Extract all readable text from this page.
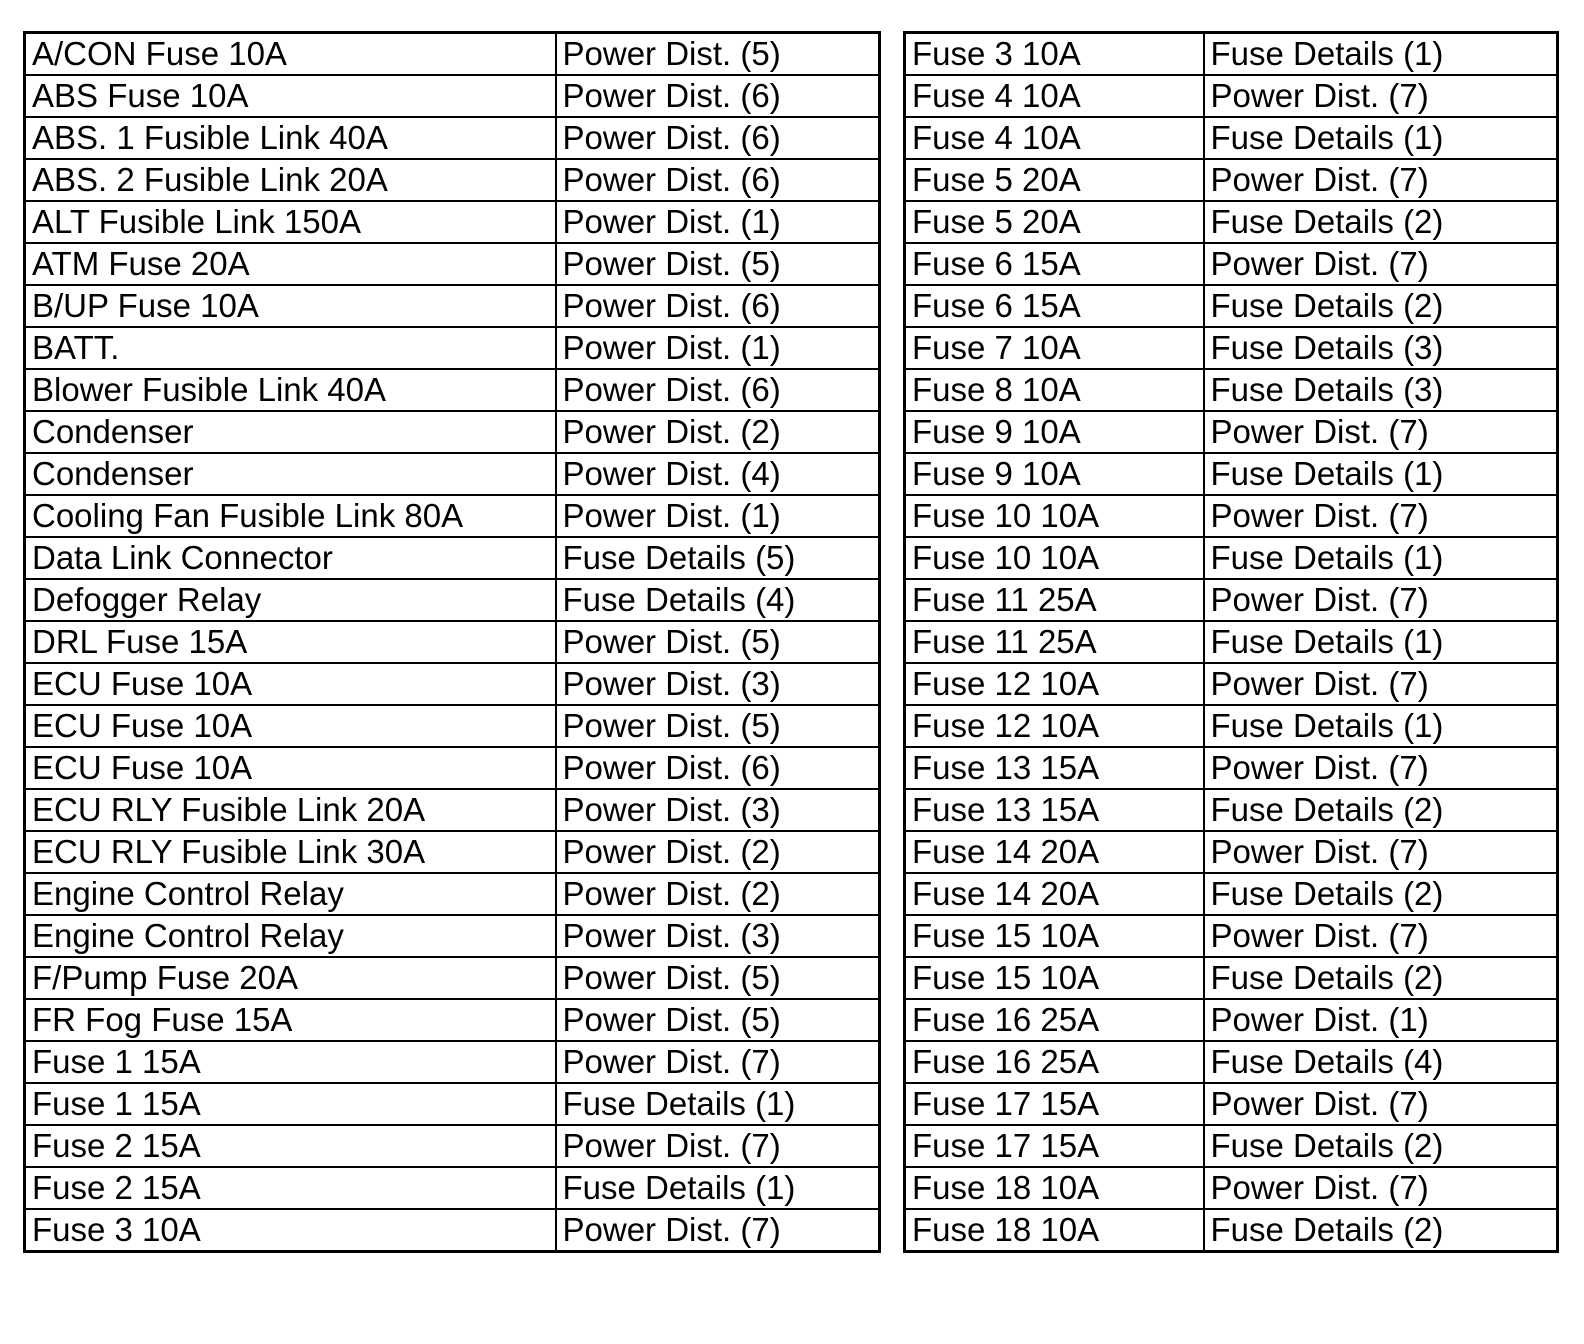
A/CON Fuse 10A	Power Dist. (5)
ABS Fuse 10A	Power Dist. (6)
ABS. 1 Fusible Link 40A	Power Dist. (6)
ABS. 2 Fusible Link 20A	Power Dist. (6)
ALT Fusible Link 150A	Power Dist. (1)
ATM Fuse 20A	Power Dist. (5)
B/UP Fuse 10A	Power Dist. (6)
BATT.	Power Dist. (1)
Blower Fusible Link 40A	Power Dist. (6)
Condenser	Power Dist. (2)
Condenser	Power Dist. (4)
Cooling Fan Fusible Link 80A	Power Dist. (1)
Data Link Connector	Fuse Details (5)
Defogger Relay	Fuse Details (4)
DRL Fuse 15A	Power Dist. (5)
ECU Fuse 10A	Power Dist. (3)
ECU Fuse 10A	Power Dist. (5)
ECU Fuse 10A	Power Dist. (6)
ECU RLY Fusible Link 20A	Power Dist. (3)
ECU RLY Fusible Link 30A	Power Dist. (2)
Engine Control Relay	Power Dist. (2)
Engine Control Relay	Power Dist. (3)
F/Pump Fuse 20A	Power Dist. (5)
FR Fog Fuse 15A	Power Dist. (5)
Fuse 1 15A	Power Dist. (7)
Fuse 1 15A	Fuse Details (1)
Fuse 2 15A	Power Dist. (7)
Fuse 2 15A	Fuse Details (1)
Fuse 3 10A	Power Dist. (7)
Fuse 3 10A	Fuse Details (1)
Fuse 4 10A	Power Dist. (7)
Fuse 4 10A	Fuse Details (1)
Fuse 5 20A	Power Dist. (7)
Fuse 5 20A	Fuse Details (2)
Fuse 6 15A	Power Dist. (7)
Fuse 6 15A	Fuse Details (2)
Fuse 7 10A	Fuse Details (3)
Fuse 8 10A	Fuse Details (3)
Fuse 9 10A	Power Dist. (7)
Fuse 9 10A	Fuse Details (1)
Fuse 10 10A	Power Dist. (7)
Fuse 10 10A	Fuse Details (1)
Fuse 11 25A	Power Dist. (7)
Fuse 11 25A	Fuse Details (1)
Fuse 12 10A	Power Dist. (7)
Fuse 12 10A	Fuse Details (1)
Fuse 13 15A	Power Dist. (7)
Fuse 13 15A	Fuse Details (2)
Fuse 14 20A	Power Dist. (7)
Fuse 14 20A	Fuse Details (2)
Fuse 15 10A	Power Dist. (7)
Fuse 15 10A	Fuse Details (2)
Fuse 16 25A	Power Dist. (1)
Fuse 16 25A	Fuse Details (4)
Fuse 17 15A	Power Dist. (7)
Fuse 17 15A	Fuse Details (2)
Fuse 18 10A	Power Dist. (7)
Fuse 18 10A	Fuse Details (2)
